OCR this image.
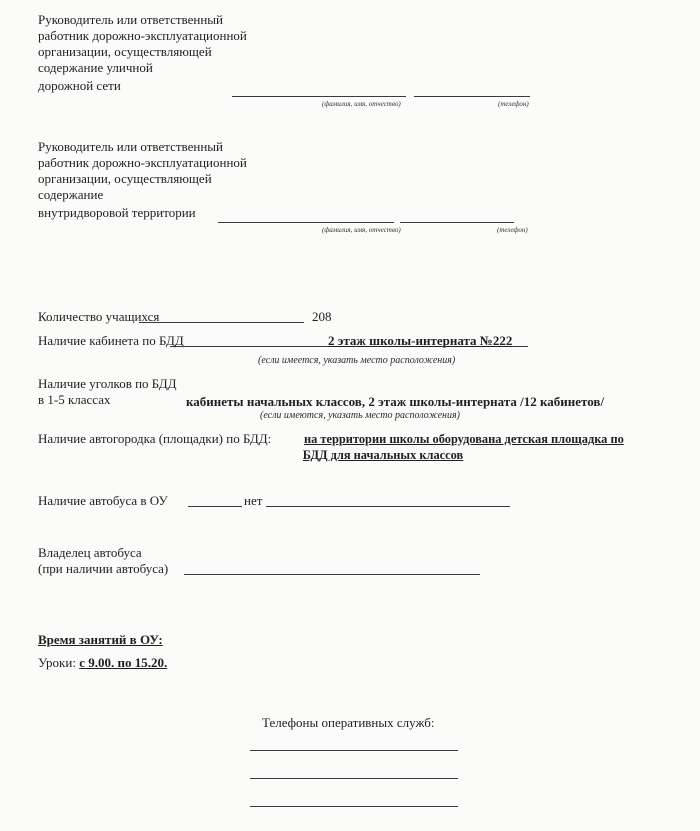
Руководитель или ответственный
работник дорожно-эксплуатационной
организации, осуществляющей
содержание уличной
дорожной сети
(фамилия, имя, отчество)	(телефон)
Руководитель или ответственный
работник дорожно-эксплуатационной
организации, осуществляющей
содержание
внутридворовой территории
(фамилия, имя, отчество)	(телефон)
Количество учащихся	208
Наличие кабинета по БДД	2 этаж школы-интерната №222
(если имеется, указать место расположения)
Наличие уголков по БДД
в 1-5 классах	кабинеты начальных классов, 2 этаж школы-интерната /12 кабинетов/
(если имеются, указать место расположения)
Наличие автогородка (площадки) по БДД:	на территории школы оборудована детская площадка по
БДД для начальных классов
Наличие автобуса в ОУ	нет
Владелец автобуса
(при наличии автобуса)
Время занятий в ОУ:
Уроки: с 9.00. по 15.20.
Телефоны оперативных служб:
